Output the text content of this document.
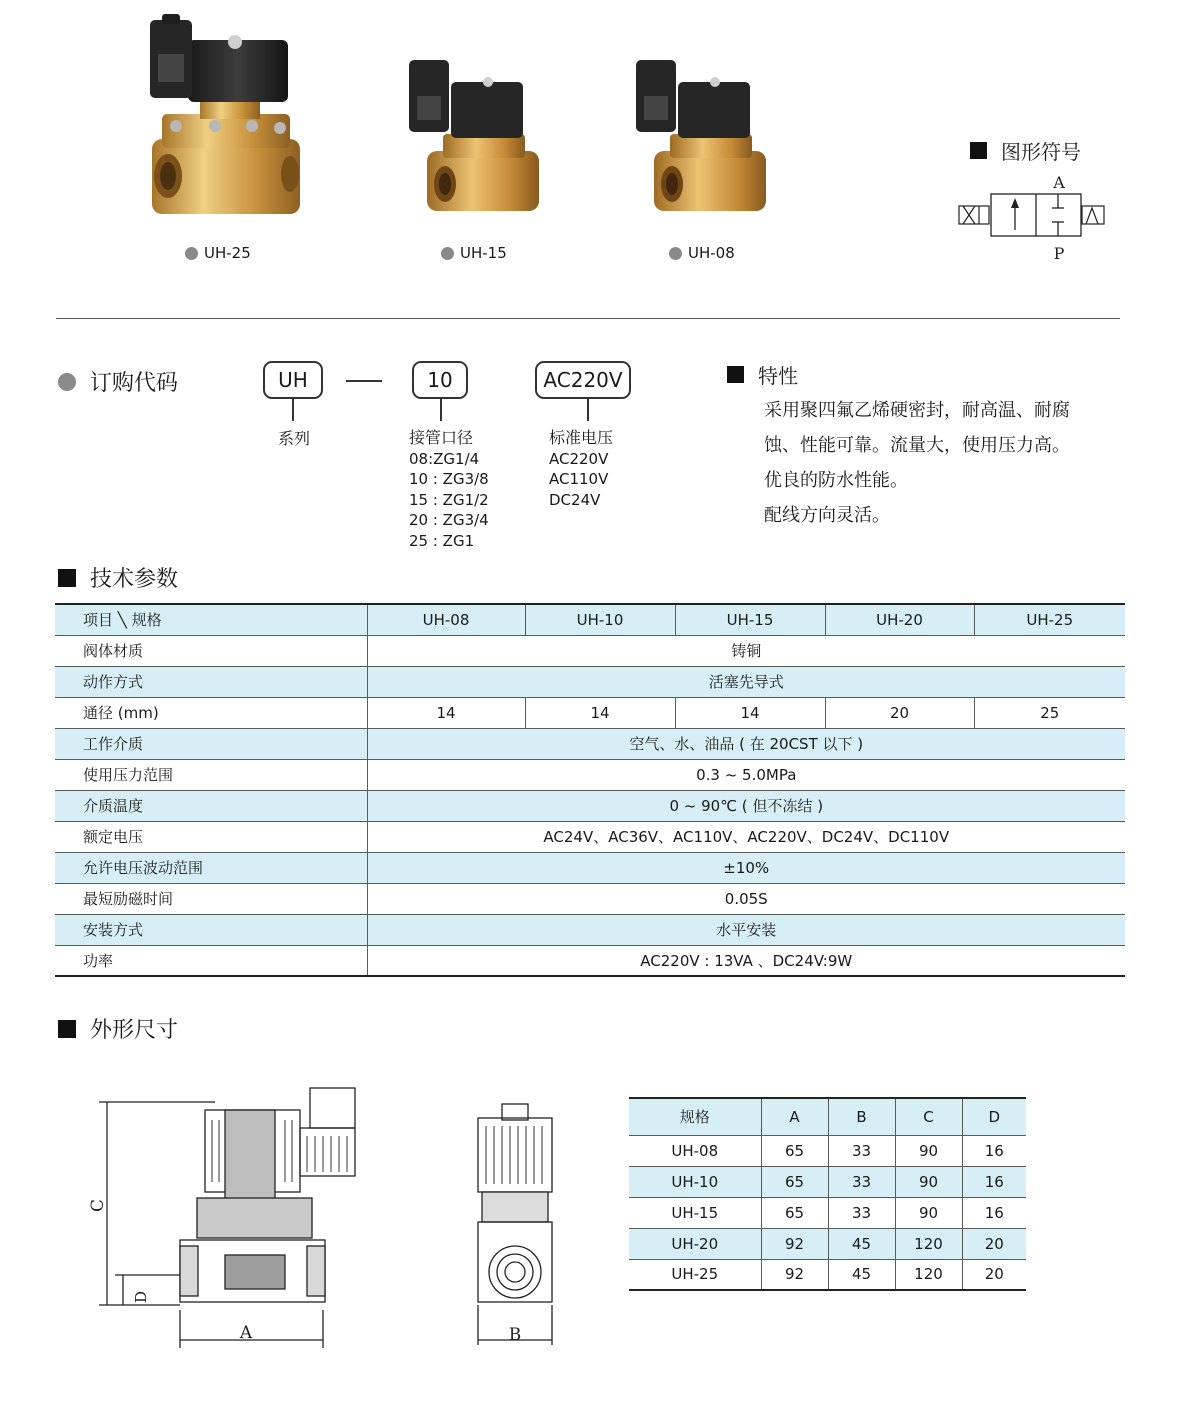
UH-25	UH-15	UH-08
图形符号
A
P
订购代码	UH	10	AC220V
系列	接管口径
08:ZG1/4
10 : ZG3/8
15 : ZG1/2
20 : ZG3/4
25 : ZG1
标准电压
AC220V
AC110V
DC24V
特性
采用聚四氟乙烯硬密封，耐高温、耐腐
蚀、性能可靠。流量大，使用压力高。
优良的防水性能。
配线方向灵活。
技术参数
项目 ╲ 规格	UH-08	UH-10	UH-15	UH-20	UH-25
阀体材质	铸铜				
动作方式	活塞先导式				
通径 (mm)	14	14	14	20	25
工作介质	空气、水、油品 ( 在 20CST 以下 )				
使用压力范围	0.3 ~ 5.0MPa				
介质温度	0 ~ 90℃ ( 但不冻结 )				
额定电压	AC24V、AC36V、AC110V、AC220V、DC24V、DC110V				
允许电压波动范围	±10%				
最短励磁时间	0.05S				
安装方式	水平安装				
功率	AC220V : 13VA 、DC24V:9W				
外形尺寸
A
C
D
B
规格	A	B	C	D
UH-08	65	33	90	16
UH-10	65	33	90	16
UH-15	65	33	90	16
UH-20	92	45	120	20
UH-25	92	45	120	20
